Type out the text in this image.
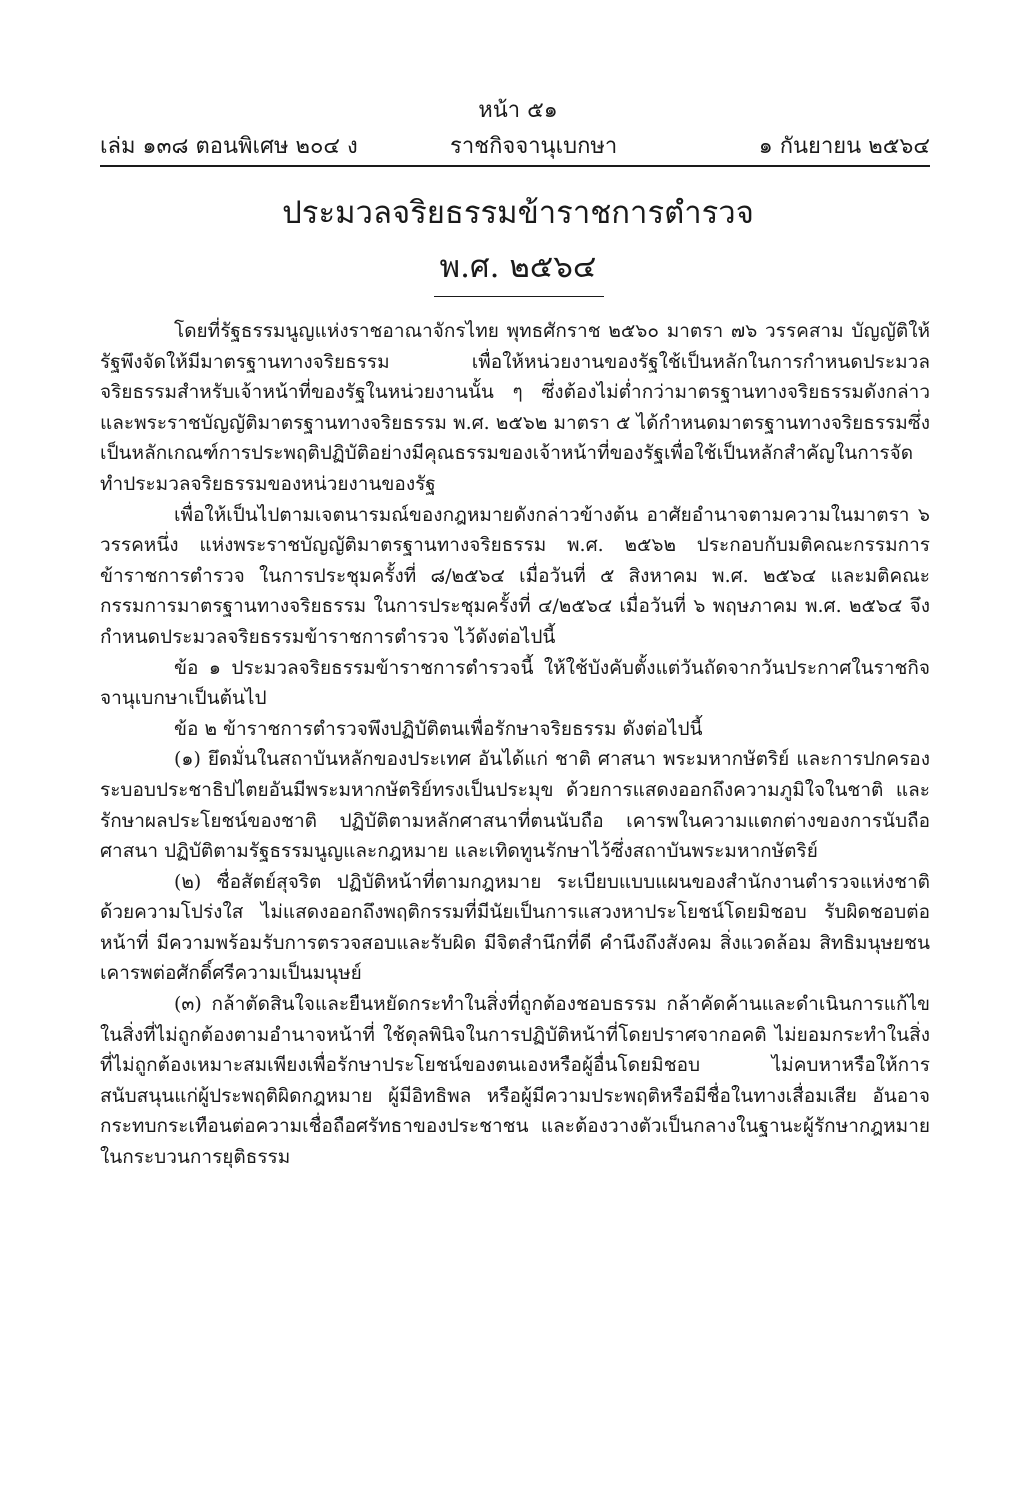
หน้า ๕๑
เล่ม ๑๓๘ ตอนพิเศษ ๒๐๔ ง	ราชกิจจานุเบกษา	๑ กันยายน ๒๕๖๔
ประมวลจริยธรรมข้าราชการตำรวจ
พ.ศ. ๒๕๖๔

โดยที่รัฐธรรมนูญแห่งราชอาณาจักรไทย พุทธศักราช ๒๕๖๐ มาตรา ๗๖ วรรคสาม บัญญัติให้รัฐพึงจัดให้มีมาตรฐานทางจริยธรรม เพื่อให้หน่วยงานของรัฐใช้เป็นหลักในการกำหนดประมวลจริยธรรมสำหรับเจ้าหน้าที่ของรัฐในหน่วยงานนั้น ๆ ซึ่งต้องไม่ต่ำกว่ามาตรฐานทางจริยธรรมดังกล่าว และพระราชบัญญัติมาตรฐานทางจริยธรรม พ.ศ. ๒๕๖๒ มาตรา ๕ ได้กำหนดมาตรฐานทางจริยธรรมซึ่งเป็นหลักเกณฑ์การประพฤติปฏิบัติอย่างมีคุณธรรมของเจ้าหน้าที่ของรัฐเพื่อใช้เป็นหลักสำคัญในการจัดทำประมวลจริยธรรมของหน่วยงานของรัฐ

เพื่อให้เป็นไปตามเจตนารมณ์ของกฎหมายดังกล่าวข้างต้น อาศัยอำนาจตามความในมาตรา ๖ วรรคหนึ่ง แห่งพระราชบัญญัติมาตรฐานทางจริยธรรม พ.ศ. ๒๕๖๒ ประกอบกับมติคณะกรรมการข้าราชการตำรวจ ในการประชุมครั้งที่ ๘/๒๕๖๔ เมื่อวันที่ ๕ สิงหาคม พ.ศ. ๒๕๖๔ และมติคณะกรรมการมาตรฐานทางจริยธรรม ในการประชุมครั้งที่ ๔/๒๕๖๔ เมื่อวันที่ ๖ พฤษภาคม พ.ศ. ๒๕๖๔ จึงกำหนดประมวลจริยธรรมข้าราชการตำรวจ ไว้ดังต่อไปนี้

ข้อ ๑ ประมวลจริยธรรมข้าราชการตำรวจนี้ ให้ใช้บังคับตั้งแต่วันถัดจากวันประกาศในราชกิจจานุเบกษาเป็นต้นไป

ข้อ ๒ ข้าราชการตำรวจพึงปฏิบัติตนเพื่อรักษาจริยธรรม ดังต่อไปนี้

(๑) ยึดมั่นในสถาบันหลักของประเทศ อันได้แก่ ชาติ ศาสนา พระมหากษัตริย์ และการปกครองระบอบประชาธิปไตยอันมีพระมหากษัตริย์ทรงเป็นประมุข ด้วยการแสดงออกถึงความภูมิใจในชาติ และรักษาผลประโยชน์ของชาติ ปฏิบัติตามหลักศาสนาที่ตนนับถือ เคารพในความแตกต่างของการนับถือศาสนา ปฏิบัติตามรัฐธรรมนูญและกฎหมาย และเทิดทูนรักษาไว้ซึ่งสถาบันพระมหากษัตริย์

(๒) ซื่อสัตย์สุจริต ปฏิบัติหน้าที่ตามกฎหมาย ระเบียบแบบแผนของสำนักงานตำรวจแห่งชาติด้วยความโปร่งใส ไม่แสดงออกถึงพฤติกรรมที่มีนัยเป็นการแสวงหาประโยชน์โดยมิชอบ รับผิดชอบต่อหน้าที่ มีความพร้อมรับการตรวจสอบและรับผิด มีจิตสำนึกที่ดี คำนึงถึงสังคม สิ่งแวดล้อม สิทธิมนุษยชน เคารพต่อศักดิ์ศรีความเป็นมนุษย์

(๓) กล้าตัดสินใจและยืนหยัดกระทำในสิ่งที่ถูกต้องชอบธรรม กล้าคัดค้านและดำเนินการแก้ไขในสิ่งที่ไม่ถูกต้องตามอำนาจหน้าที่ ใช้ดุลพินิจในการปฏิบัติหน้าที่โดยปราศจากอคติ ไม่ยอมกระทำในสิ่งที่ไม่ถูกต้องเหมาะสมเพียงเพื่อรักษาประโยชน์ของตนเองหรือผู้อื่นโดยมิชอบ ไม่คบหาหรือให้การสนับสนุนแก่ผู้ประพฤติผิดกฎหมาย ผู้มีอิทธิพล หรือผู้มีความประพฤติหรือมีชื่อในทางเสื่อมเสีย อันอาจกระทบกระเทือนต่อความเชื่อถือศรัทธาของประชาชน และต้องวางตัวเป็นกลางในฐานะผู้รักษากฎหมายในกระบวนการยุติธรรม
